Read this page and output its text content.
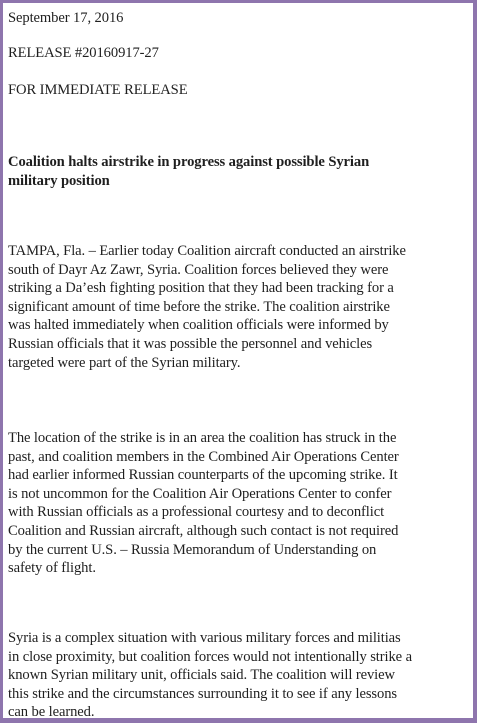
September 17, 2016
RELEASE #20160917-27
FOR IMMEDIATE RELEASE
Coalition halts airstrike in progress against possible Syrian
military position
TAMPA, Fla. – Earlier today Coalition aircraft conducted an airstrike
south of Dayr Az Zawr, Syria. Coalition forces believed they were
striking a Da’esh fighting position that they had been tracking for a
significant amount of time before the strike. The coalition airstrike
was halted immediately when coalition officials were informed by
Russian officials that it was possible the personnel and vehicles
targeted were part of the Syrian military.
The location of the strike is in an area the coalition has struck in the
past, and coalition members in the Combined Air Operations Center
had earlier informed Russian counterparts of the upcoming strike. It
is not uncommon for the Coalition Air Operations Center to confer
with Russian officials as a professional courtesy and to deconflict
Coalition and Russian aircraft, although such contact is not required
by the current U.S. – Russia Memorandum of Understanding on
safety of flight.
Syria is a complex situation with various military forces and militias
in close proximity, but coalition forces would not intentionally strike a
known Syrian military unit, officials said. The coalition will review
this strike and the circumstances surrounding it to see if any lessons
can be learned.
